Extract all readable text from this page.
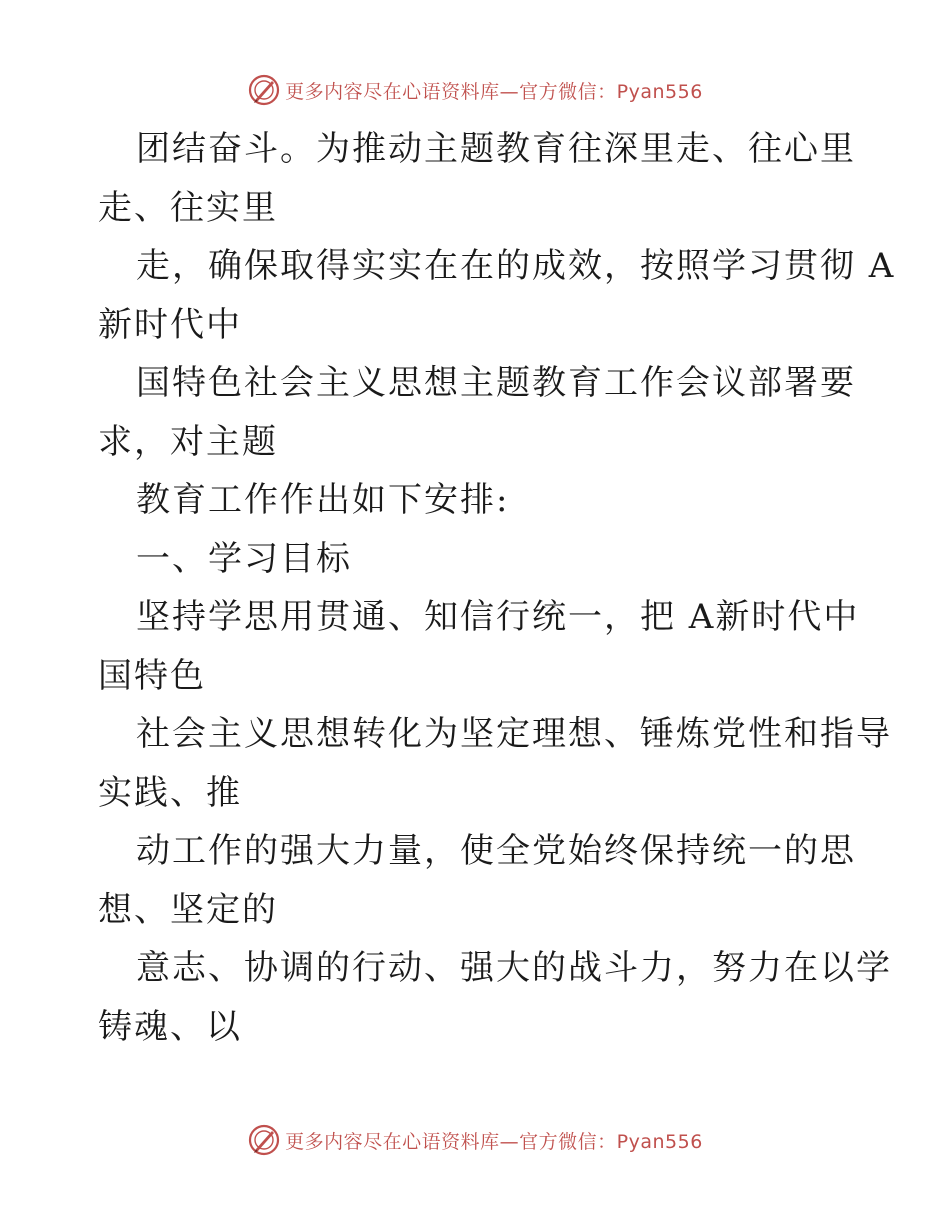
更多内容尽在心语资料库—官方微信：Pyan556
团结奋斗。为推动主题教育往深里走、往心里
走、往实里
走，确保取得实实在在的成效，按照学习贯彻 A
新时代中
国特色社会主义思想主题教育工作会议部署要
求，对主题
教育工作作出如下安排:
一、学习目标
坚持学思用贯通、知信行统一，把 A新时代中
国特色
社会主义思想转化为坚定理想、锤炼党性和指导
实践、推
动工作的强大力量，使全党始终保持统一的思
想、坚定的
意志、协调的行动、强大的战斗力，努力在以学
铸魂、以
更多内容尽在心语资料库—官方微信：Pyan556
